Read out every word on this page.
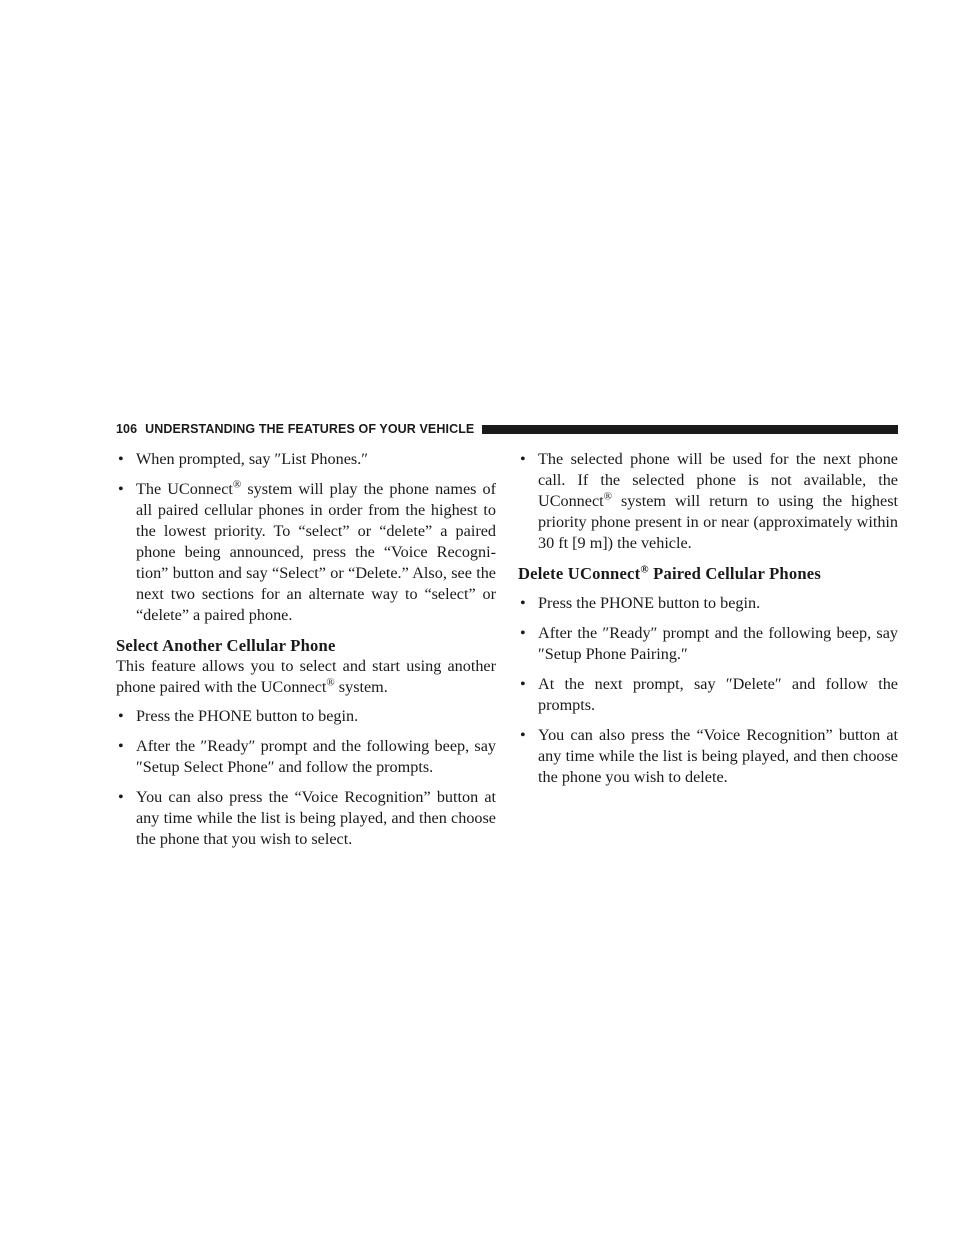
106 UNDERSTANDING THE FEATURES OF YOUR VEHICLE
• When prompted, say ″List Phones.″
• The UConnect® system will play the phone names of all paired cellular phones in order from the highest to the lowest priority. To “select” or “delete” a paired phone being announced, press the “Voice Recogni-tion” button and say “Select” or “Delete.” Also, see the next two sections for an alternate way to “select” or “delete” a paired phone.
Select Another Cellular Phone
This feature allows you to select and start using another phone paired with the UConnect® system.
• Press the PHONE button to begin.
• After the ″Ready″ prompt and the following beep, say ″Setup Select Phone″ and follow the prompts.
• You can also press the “Voice Recognition” button at any time while the list is being played, and then choose the phone that you wish to select.
• The selected phone will be used for the next phone call. If the selected phone is not available, the UConnect® system will return to using the highest priority phone present in or near (approximately within 30 ft [9 m]) the vehicle.
Delete UConnect® Paired Cellular Phones
• Press the PHONE button to begin.
• After the ″Ready″ prompt and the following beep, say ″Setup Phone Pairing.″
• At the next prompt, say ″Delete″ and follow the prompts.
• You can also press the “Voice Recognition” button at any time while the list is being played, and then choose the phone you wish to delete.
